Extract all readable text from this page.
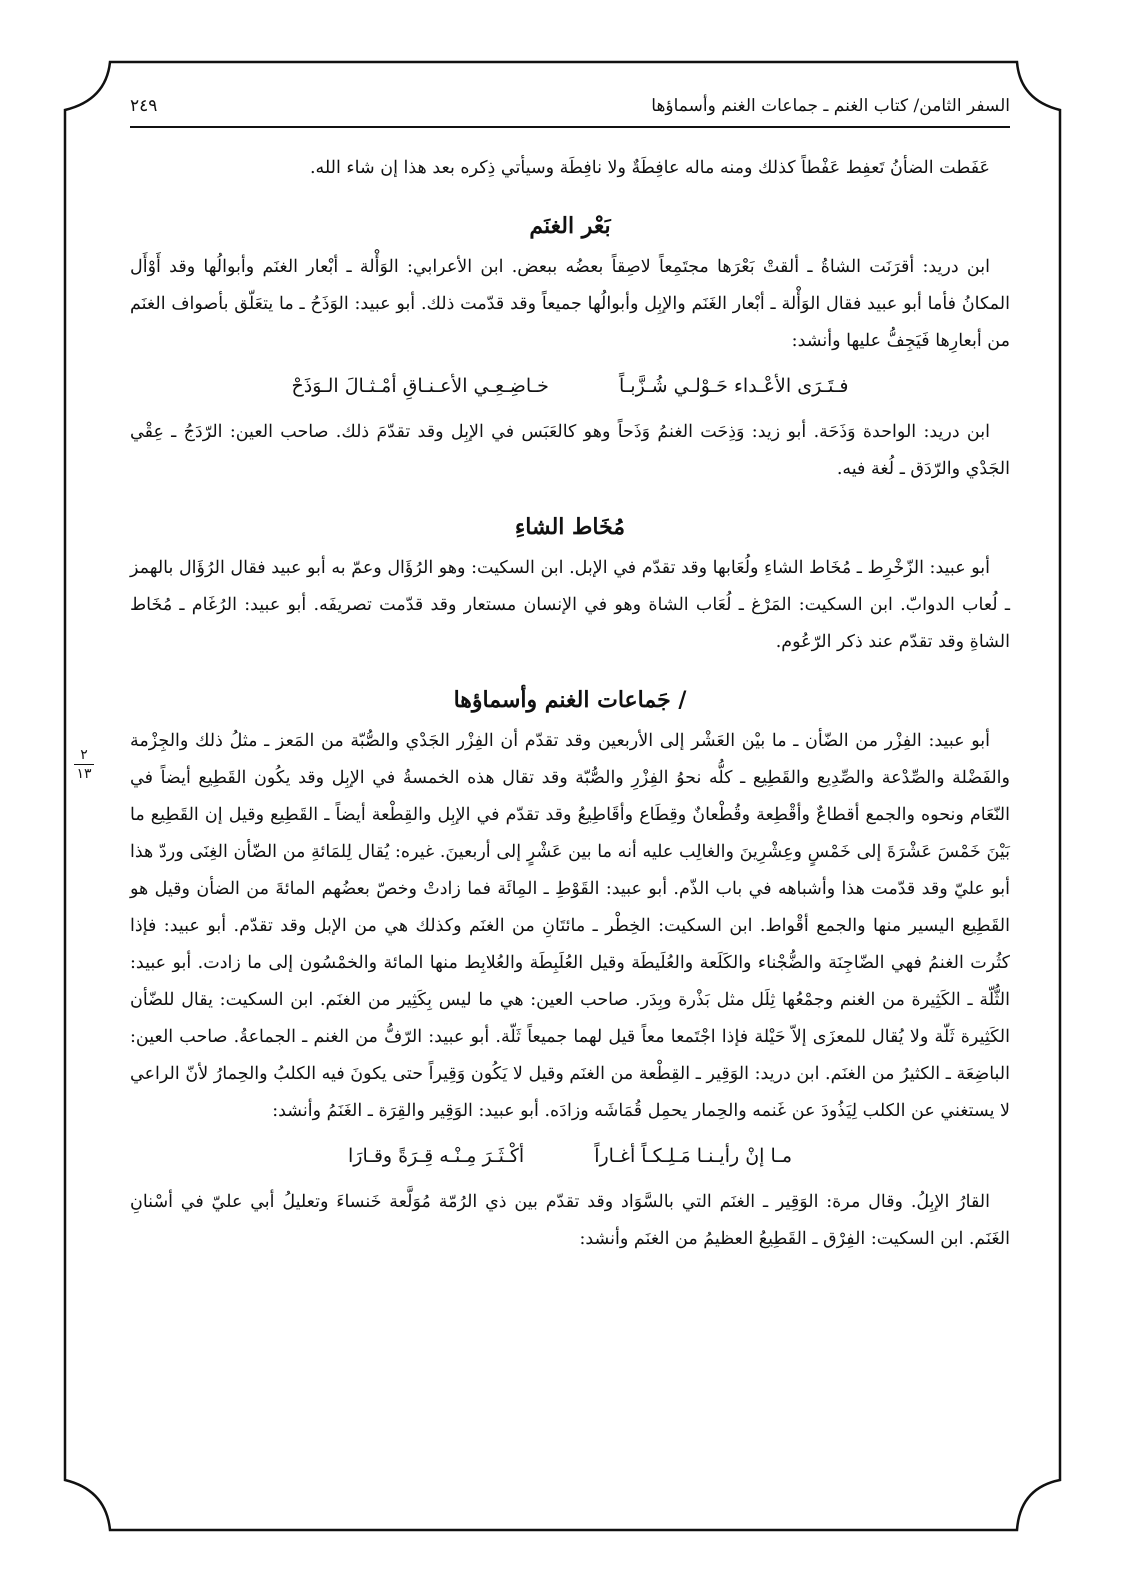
السفر الثامن/ كتاب الغنم ـ جماعات الغنم وأسماؤها
٢٤٩
٢
١٣

عَفَطت الضأنُ تَعفِط عَفْطاً كذلك ومنه ماله عافِطَةٌ ولا نافِطَة وسيأتي ذِكره بعد هذا إن شاء الله.

بَعْر الغنَم

ابن دريد: أقرَنَت الشاةُ ـ ألقتْ بَعْرَها مجتَمِعاً لاصِقاً بعضُه ببعض. ابن الأعرابي: الوَأْلة ـ أبْعار الغنَم وأبوالُها وقد أَوْأَل المكانُ فأما أبو عبيد فقال الوَأْلة ـ أبْعار الغَنَم والإبِل وأبوالُها جميعاً وقد قدّمت ذلك. أبو عبيد: الوَذَحُ ـ ما يتعَلّق بأصواف الغنَم من أبعارِها فَيَجِفُّ عليها وأنشد:

فـتَـرَى الأعْـداء حَـوْلـي شُـزَّبـاً
خـاضِـعِـي الأعـنـاقِ أمْـثـالَ الـوَذَحْ

ابن دريد: الواحدة وَذَحَة. أبو زيد: وَذِحَت الغنمُ وَذَحاً وهو كالعَبَس في الإبِل وقد تقدّمَ ذلك. صاحب العين: الرّدَجُ ـ عِقْي الجَدْي والرّدَق ـ لُغة فيه.

مُخَاط الشاءِ

أبو عبيد: الزّخْرِط ـ مُخَاط الشاءِ ولُعَابها وقد تقدّم في الإبل. ابن السكيت: وهو الرُؤَال وعمّ به أبو عبيد فقال الرُؤَال بالهمز ـ لُعاب الدوابّ. ابن السكيت: المَرْغ ـ لُعَاب الشاة وهو في الإنسان مستعار وقد قدّمت تصريفَه. أبو عبيد: الرُغَام ـ مُخَاط الشاةِ وقد تقدّم عند ذكر الرّعُوم.

/ جَماعات الغنم وأسماؤها

أبو عبيد: الفِزْر من الضّأن ـ ما بيْن العَشْر إلى الأربعين وقد تقدّم أن الفِزْر الجَدْي والصُّبّة من المَعز ـ مثلُ ذلك والجِزْمة والفَضْلة والصِّدْعة والصِّدِيع والقَطِيع ـ كلُّه نحوُ الفِزْرِ والصُّبّة وقد تقال هذه الخمسةُ في الإبِل وقد يكُون القَطِيع أيضاً في النّعَام ونحوه والجمع أقطاعٌ وأقْطِعة وقُطْعانٌ وقِطَاع وأقَاطِيعُ وقد تقدّم في الإبِل والقِطْعة أيضاً ـ القَطِيع وقيل إن القَطِيع ما بَيْنَ خَمْسَ عَشْرَةَ إلى خَمْسٍ وعِشْرِينَ والغالِب عليه أنه ما بين عَشْرٍ إلى أربعينَ. غيره: يُقال لِلمَائةِ من الضّأن الغِنَى وردّ هذا أبو عليّ وقد قدّمت هذا وأشباهه في باب الذّم. أبو عبيد: القَوْطِ ـ المِائَة فما زادتْ وخصّ بعضُهم المائةَ من الضأن وقيل هو القَطِيع اليسير منها والجمع أقْواط. ابن السكيت: الخِطْر ـ مائتَانِ من الغنَم وكذلك هي من الإبل وقد تقدّم. أبو عبيد: فإذا كثُرت الغنمُ فهي الضّاجِنَة والضُّجْناء والكَلَعة والعُلَيطَة وقيل العُلَبِطَة والعُلابِط منها المائة والخمْسُون إلى ما زادت. أبو عبيد: الثُّلّة ـ الكَثِيرة من الغنم وجمْعُها ثِلَل مثل بَذْرة وبِدَر. صاحب العين: هي ما ليس بِكَثِير من الغنَم. ابن السكيت: يقال للضّأن الكَثِيرة ثَلّة ولا يُقال للمعزَى إلاّ حَيْلة فإذا اجْتَمعا معاً قيل لهما جميعاً ثَلّة. أبو عبيد: الرّفُّ من الغنم ـ الجماعةُ. صاحب العين: الباضِعَة ـ الكثيرُ من الغنَم. ابن دريد: الوَقِير ـ القِطْعة من الغنَم وقيل لا يَكُون وَقِيراً حتى يكونَ فيه الكلبُ والحِمارُ لأنّ الراعي لا يستغني عن الكلب لِيَذُودَ عن غَنمه والحِمار يحمِل قُمَاشَه وزادَه. أبو عبيد: الوَقِير والقِرَة ـ الغَنَمُ وأنشد:

مـا إنْ رأيـنـا مَـلِـكـاً أغـاراً
أكْـثَـرَ مِـنْـه قِـرَةً وقـارَا

القارُ الإبِلُ. وقال مرة: الوَقِير ـ الغنَم التي بالسَّوَاد وقد تقدّم بين ذي الرُمّة مُوَلَّعة خَنساءَ وتعليلُ أبي عليّ في أسْنانِ الغَنَم. ابن السكيت: الفِرْق ـ القَطِيعُ العظيمُ من الغنَم وأنشد:
